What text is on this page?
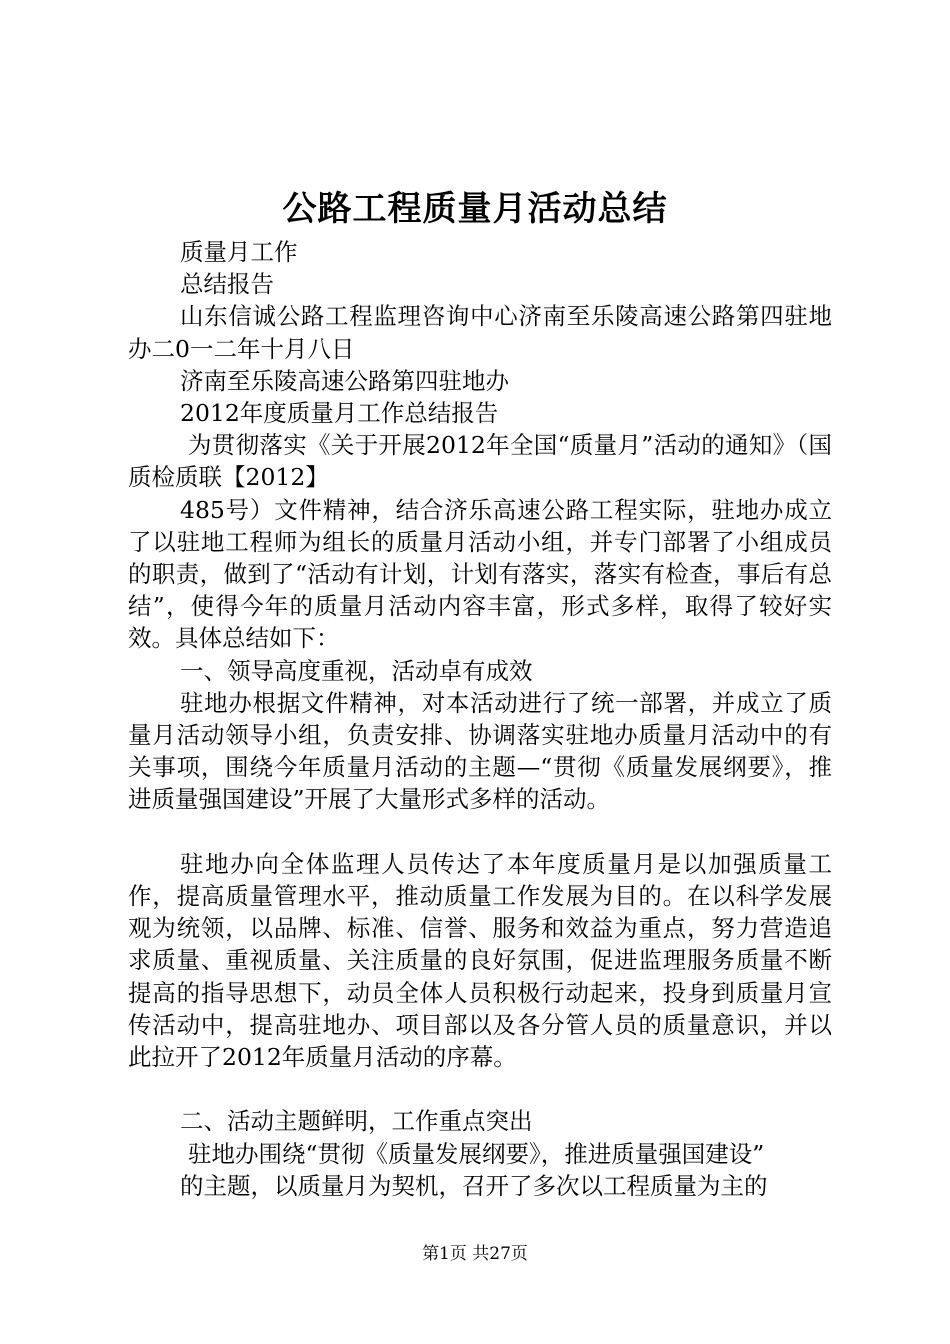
公路工程质量月活动总结

质量月工作

总结报告

山东信诚公路工程监理咨询中心济南至乐陵高速公路第四驻地办二0一二年十月八日

济南至乐陵高速公路第四驻地办

2012年度质量月工作总结报告

为贯彻落实《关于开展2012年全国“质量月”活动的通知》（国质检质联【2012】

485号）文件精神，结合济乐高速公路工程实际，驻地办成立了以驻地工程师为组长的质量月活动小组，并专门部署了小组成员的职责，做到了“活动有计划，计划有落实，落实有检查，事后有总结”，使得今年的质量月活动内容丰富，形式多样，取得了较好实效。具体总结如下：

一、领导高度重视，活动卓有成效

驻地办根据文件精神，对本活动进行了统一部署，并成立了质量月活动领导小组，负责安排、协调落实驻地办质量月活动中的有关事项，围绕今年质量月活动的主题—“贯彻《质量发展纲要》，推进质量强国建设”开展了大量形式多样的活动。

驻地办向全体监理人员传达了本年度质量月是以加强质量工作，提高质量管理水平，推动质量工作发展为目的。在以科学发展观为统领，以品牌、标准、信誉、服务和效益为重点，努力营造追求质量、重视质量、关注质量的良好氛围，促进监理服务质量不断提高的指导思想下，动员全体人员积极行动起来，投身到质量月宣传活动中，提高驻地办、项目部以及各分管人员的质量意识，并以此拉开了2012年质量月活动的序幕。

二、活动主题鲜明，工作重点突出

驻地办围绕“贯彻《质量发展纲要》，推进质量强国建设”

的主题，以质量月为契机，召开了多次以工程质量为主的

第1页 共27页
